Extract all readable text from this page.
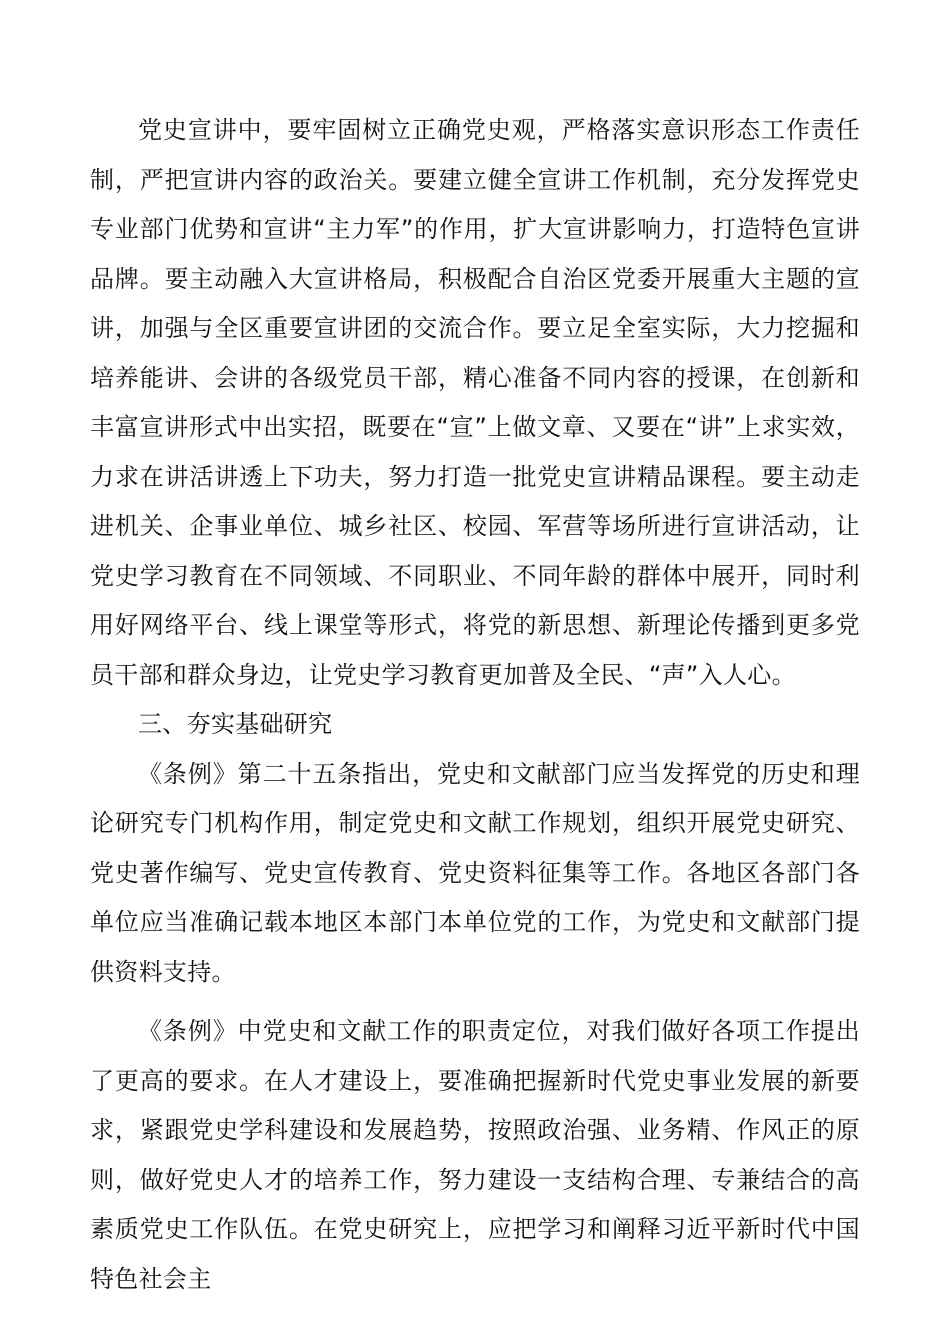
党史宣讲中，要牢固树立正确党史观，严格落实意识形态工作责任制，严把宣讲内容的政治关。要建立健全宣讲工作机制，充分发挥党史专业部门优势和宣讲“主力军”的作用，扩大宣讲影响力，打造特色宣讲品牌。要主动融入大宣讲格局，积极配合自治区党委开展重大主题的宣讲，加强与全区重要宣讲团的交流合作。要立足全室实际，大力挖掘和培养能讲、会讲的各级党员干部，精心准备不同内容的授课，在创新和丰富宣讲形式中出实招，既要在“宣”上做文章、又要在“讲”上求实效，力求在讲活讲透上下功夫，努力打造一批党史宣讲精品课程。要主动走进机关、企事业单位、城乡社区、校园、军营等场所进行宣讲活动，让党史学习教育在不同领域、不同职业、不同年龄的群体中展开，同时利用好网络平台、线上课堂等形式，将党的新思想、新理论传播到更多党员干部和群众身边，让党史学习教育更加普及全民、“声”入人心。

三、夯实基础研究

《条例》第二十五条指出，党史和文献部门应当发挥党的历史和理论研究专门机构作用，制定党史和文献工作规划，组织开展党史研究、党史著作编写、党史宣传教育、党史资料征集等工作。各地区各部门各单位应当准确记载本地区本部门本单位党的工作，为党史和文献部门提供资料支持。

《条例》中党史和文献工作的职责定位，对我们做好各项工作提出了更高的要求。在人才建设上，要准确把握新时代党史事业发展的新要求，紧跟党史学科建设和发展趋势，按照政治强、业务精、作风正的原则，做好党史人才的培养工作，努力建设一支结构合理、专兼结合的高素质党史工作队伍。在党史研究上，应把学习和阐释习近平新时代中国特色社会主
